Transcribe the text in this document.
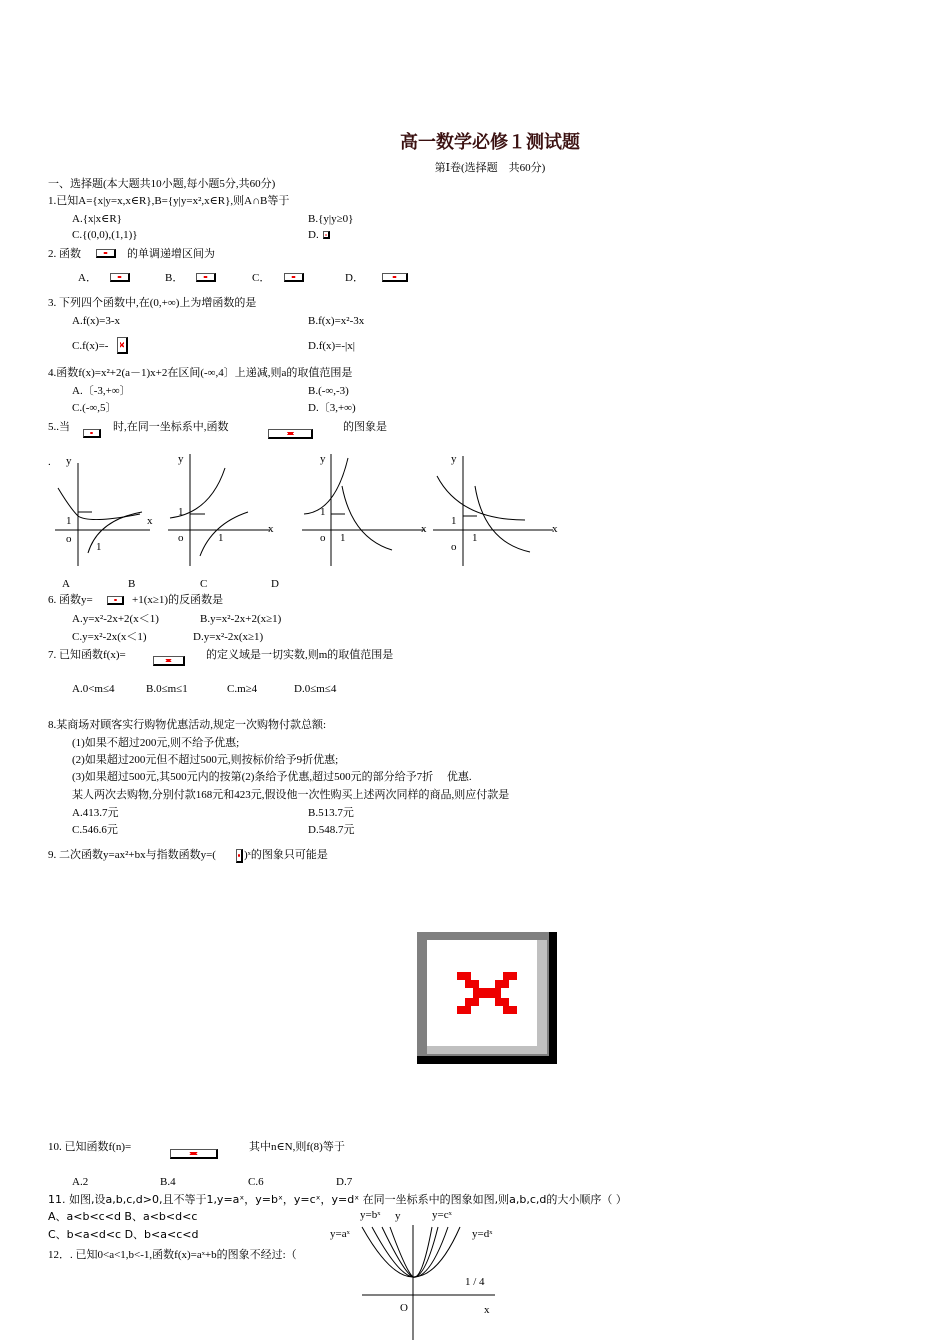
高一数学必修１测试题
第Ⅰ卷(选择题　共60分)
一、选择题(本大题共10小题,每小题5分,共60分)
1.已知A={x|y=x,x∈R},B={y|y=x²,x∈R},则A∩B等于
A.{x|x∈R}	B.{y|y≥0}
C.{(0,0),(1,1)}	D.
2. 函数	的单调递增区间为
A．	B．	C．	D．
3. 下列四个函数中,在(0,+∞)上为增函数的是
A.f(x)=3-x	B.f(x)=x²-3x
C.f(x)=-	D.f(x)=-|x|
4.函数f(x)=x²+2(a－1)x+2在区间(-∞,4〕上递减,则a的取值范围是
A.〔-3,+∞〕	B.(-∞,-3)
C.(-∞,5〕	D.〔3,+∞)
5..当	时,在同一坐标系中,函数	的图象是
. y
x
1
o
1
y
x
1
o	1
y
x
1
o 1
y
x
1
o
1
A	B	C	D
6. 函数y=	+1(x≥1)的反函数是
A.y=x²-2x+2(x＜1)	B.y=x²-2x+2(x≥1)
C.y=x²-2x(x＜1)	D.y=x²-2x(x≥1)
7. 已知函数f(x)=	的定义域是一切实数,则m的取值范围是
A.0<m≤4	B.0≤m≤1	C.m≥4	D.0≤m≤4
8.某商场对顾客实行购物优惠活动,规定一次购物付款总额:
(1)如果不超过200元,则不给予优惠;
(2)如果超过200元但不超过500元,则按标价给予9折优惠;
(3)如果超过500元,其500元内的按第(2)条给予优惠,超过500元的部分给予7折　 优惠.
某人两次去购物,分别付款168元和423元,假设他一次性购买上述两次同样的商品,则应付款是
A.413.7元	B.513.7元
C.546.6元	D.548.7元
9. 二次函数y=ax²+bx与指数函数y=(	)ˣ的图象只可能是
10. 已知函数f(n)=	其中n∈N,则f(8)等于
A.2	B.4	C.6	D.7
11. 如图,设a,b,c,d>0,且不等于1,y=aˣ，y=bˣ，y=cˣ，y=dˣ 在同一坐标系中的图象如图,则a,b,c,d的大小顺序（ ）
A、a<b<c<d B、a<b<d<c
C、b<a<d<c D、b<a<c<d
y=bˣ y	y=cˣ
y=aˣ	y=dˣ
x
O
12．. 已知0<a<1,b<-1,函数f(x)=aˣ+b的图象不经过:（
1 / 4
